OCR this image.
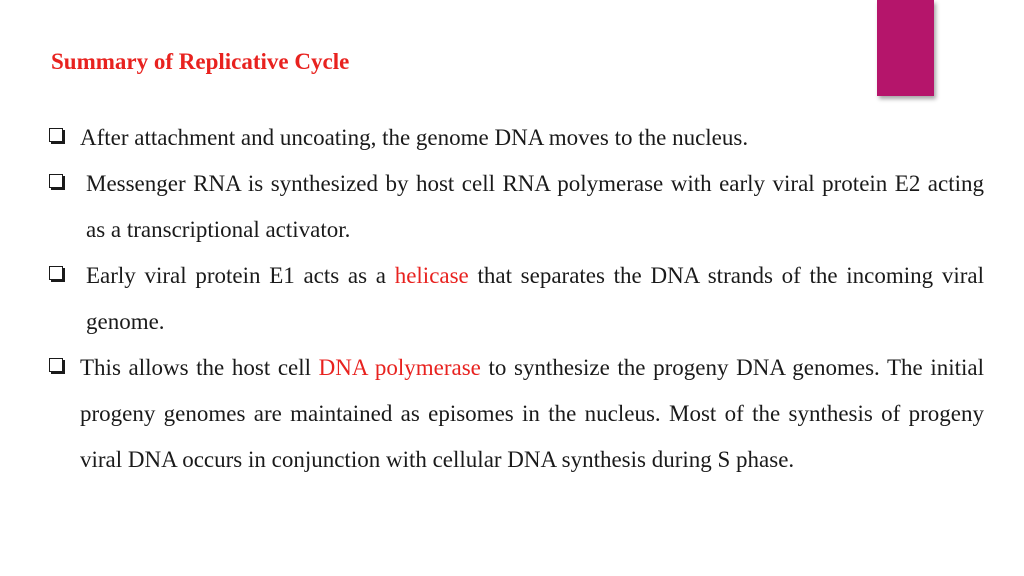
Summary of Replicative Cycle
After attachment and uncoating, the genome DNA moves to the nucleus.
Messenger RNA is synthesized by host cell RNA polymerase with early viral protein E2 acting as a transcriptional activator.
Early viral protein E1 acts as a helicase that separates the DNA strands of the incoming viral genome.
This allows the host cell DNA polymerase to synthesize the progeny DNA genomes. The initial progeny genomes are maintained as episomes in the nucleus. Most of the synthesis of progeny viral DNA occurs in conjunction with cellular DNA synthesis during S phase.
